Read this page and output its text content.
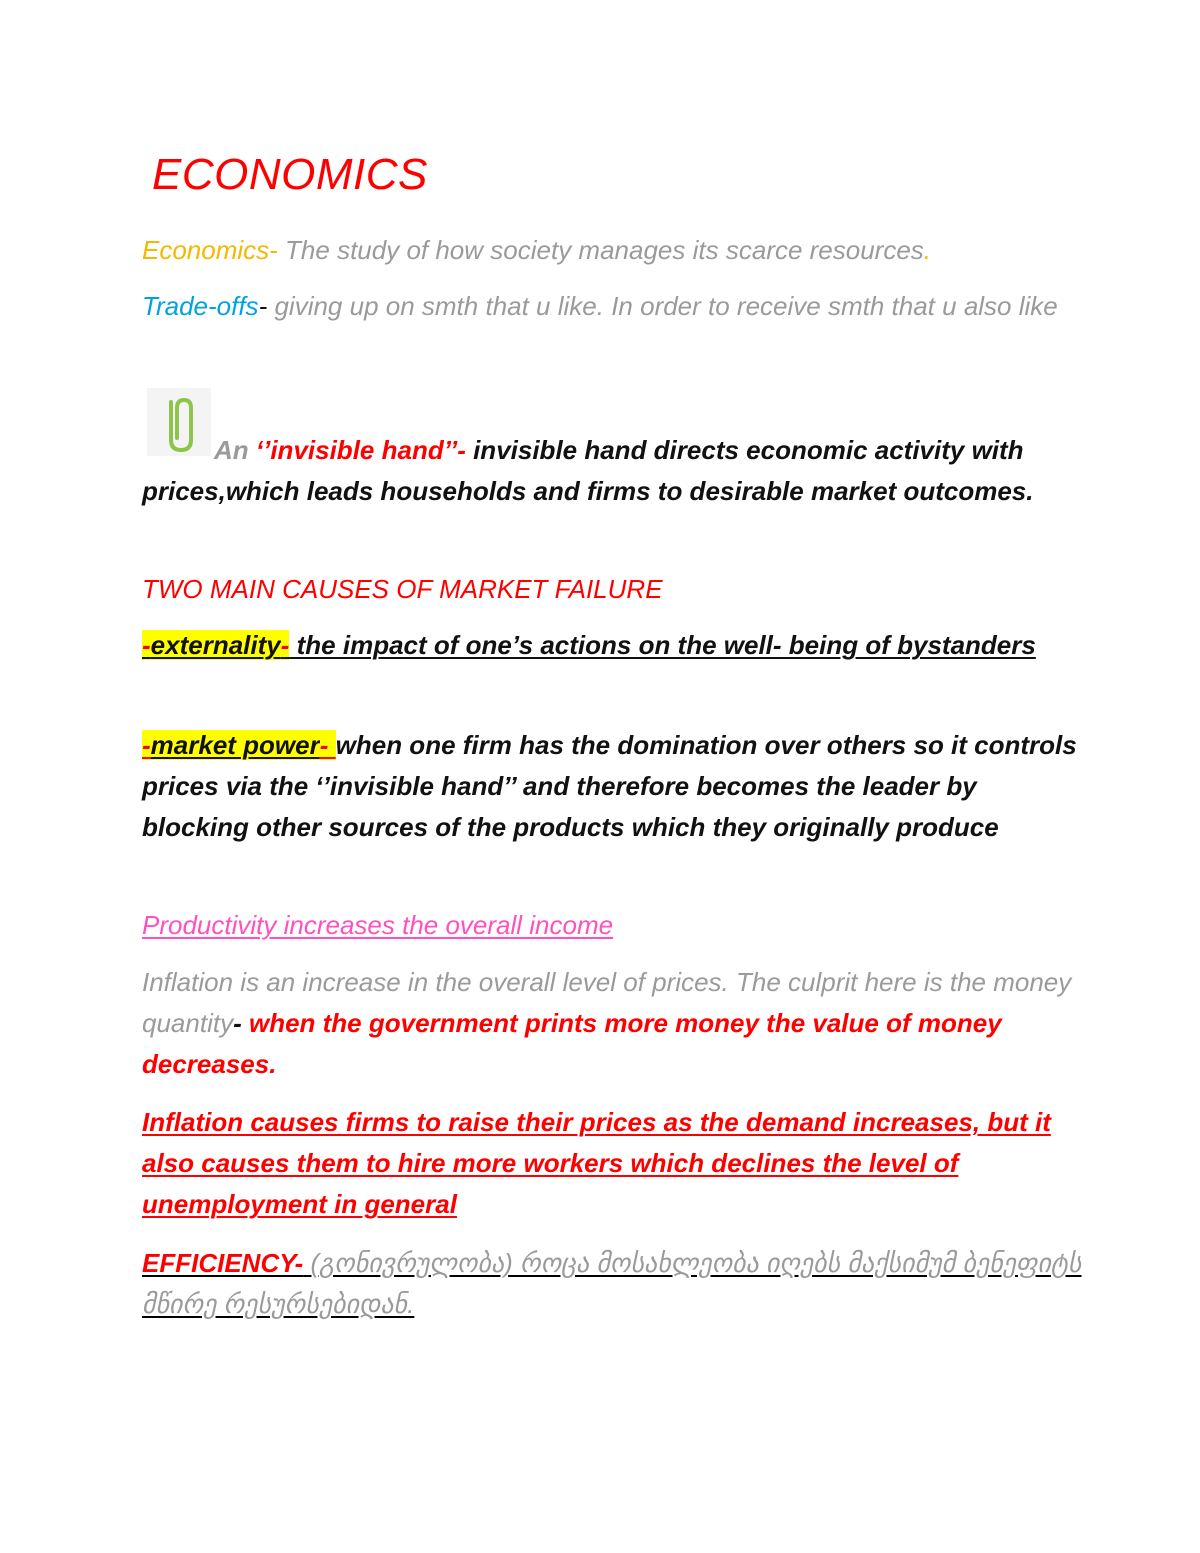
ECONOMICS
Economics- The study of how society manages its scarce resources.
Trade-offs- giving up on smth that u like. In order to receive smth that u also like
An ‘’invisible hand’’- invisible hand directs economic activity with prices,which leads households and firms to desirable market outcomes.
TWO MAIN CAUSES OF MARKET FAILURE
-externality- the impact of one’s actions on the well- being of bystanders
-market power- when one firm has the domination over others so it controls prices via the ‘’invisible hand’’ and therefore becomes the leader by blocking other sources of the products which they originally produce
Productivity increases the overall income
Inflation is an increase in the overall level of prices. The culprit here is the money quantity- when the government prints more money the value of money decreases.
Inflation causes firms to raise their prices as the demand increases, but it also causes them to hire more workers which declines the level of unemployment in general
EFFICIENCY- (გონივრულობა) როცა მოსახლეობა იღებს მაქსიმუმ ბენეფიტს მწირე რესურსებიდან.
